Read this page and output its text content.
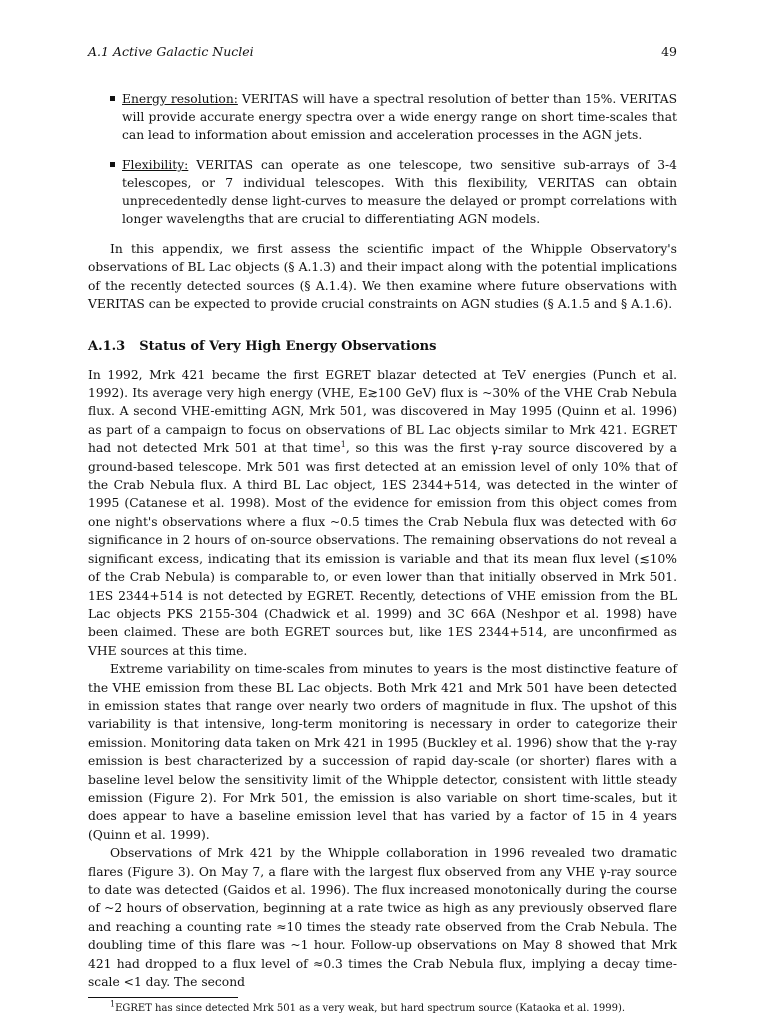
A.1 Active Galactic Nuclei	49
Energy resolution: VERITAS will have a spectral resolution of better than 15%. VERITAS will provide accurate energy spectra over a wide energy range on short time-scales that can lead to information about emission and acceleration processes in the AGN jets.
Flexibility: VERITAS can operate as one telescope, two sensitive sub-arrays of 3-4 telescopes, or 7 individual telescopes. With this flexibility, VERITAS can obtain unprecedentedly dense light-curves to measure the delayed or prompt correlations with longer wavelengths that are crucial to differentiating AGN models.

In this appendix, we first assess the scientific impact of the Whipple Observatory's observations of BL Lac objects (§ A.1.3) and their impact along with the potential implications of the recently detected sources (§ A.1.4). We then examine where future observations with VERITAS can be expected to provide crucial constraints on AGN studies (§ A.1.5 and § A.1.6).

A.1.3 Status of Very High Energy Observations

In 1992, Mrk 421 became the first EGRET blazar detected at TeV energies (Punch et al. 1992). Its average very high energy (VHE, E≳100 GeV) flux is ~30% of the VHE Crab Nebula flux. A second VHE-emitting AGN, Mrk 501, was discovered in May 1995 (Quinn et al. 1996) as part of a campaign to focus on observations of BL Lac objects similar to Mrk 421. EGRET had not detected Mrk 501 at that time$^1$, so this was the first γ-ray source discovered by a ground-based telescope. Mrk 501 was first detected at an emission level of only 10% that of the Crab Nebula flux. A third BL Lac object, 1ES 2344+514, was detected in the winter of 1995 (Catanese et al. 1998). Most of the evidence for emission from this object comes from one night's observations where a flux ~0.5 times the Crab Nebula flux was detected with 6σ significance in 2 hours of on-source observations. The remaining observations do not reveal a significant excess, indicating that its emission is variable and that its mean flux level (≲10% of the Crab Nebula) is comparable to, or even lower than that initially observed in Mrk 501. 1ES 2344+514 is not detected by EGRET. Recently, detections of VHE emission from the BL Lac objects PKS 2155-304 (Chadwick et al. 1999) and 3C 66A (Neshpor et al. 1998) have been claimed. These are both EGRET sources but, like 1ES 2344+514, are unconfirmed as VHE sources at this time.

Extreme variability on time-scales from minutes to years is the most distinctive feature of the VHE emission from these BL Lac objects. Both Mrk 421 and Mrk 501 have been detected in emission states that range over nearly two orders of magnitude in flux. The upshot of this variability is that intensive, long-term monitoring is necessary in order to categorize their emission. Monitoring data taken on Mrk 421 in 1995 (Buckley et al. 1996) show that the γ-ray emission is best characterized by a succession of rapid day-scale (or shorter) flares with a baseline level below the sensitivity limit of the Whipple detector, consistent with little steady emission (Figure 2). For Mrk 501, the emission is also variable on short time-scales, but it does appear to have a baseline emission level that has varied by a factor of 15 in 4 years (Quinn et al. 1999).

Observations of Mrk 421 by the Whipple collaboration in 1996 revealed two dramatic flares (Figure 3). On May 7, a flare with the largest flux observed from any VHE γ-ray source to date was detected (Gaidos et al. 1996). The flux increased monotonically during the course of ~2 hours of observation, beginning at a rate twice as high as any previously observed flare and reaching a counting rate ≈10 times the steady rate observed from the Crab Nebula. The doubling time of this flare was ~1 hour. Follow-up observations on May 8 showed that Mrk 421 had dropped to a flux level of ≈0.3 times the Crab Nebula flux, implying a decay time-scale <1 day. The second

$^1$EGRET has since detected Mrk 501 as a very weak, but hard spectrum source (Kataoka et al. 1999).
